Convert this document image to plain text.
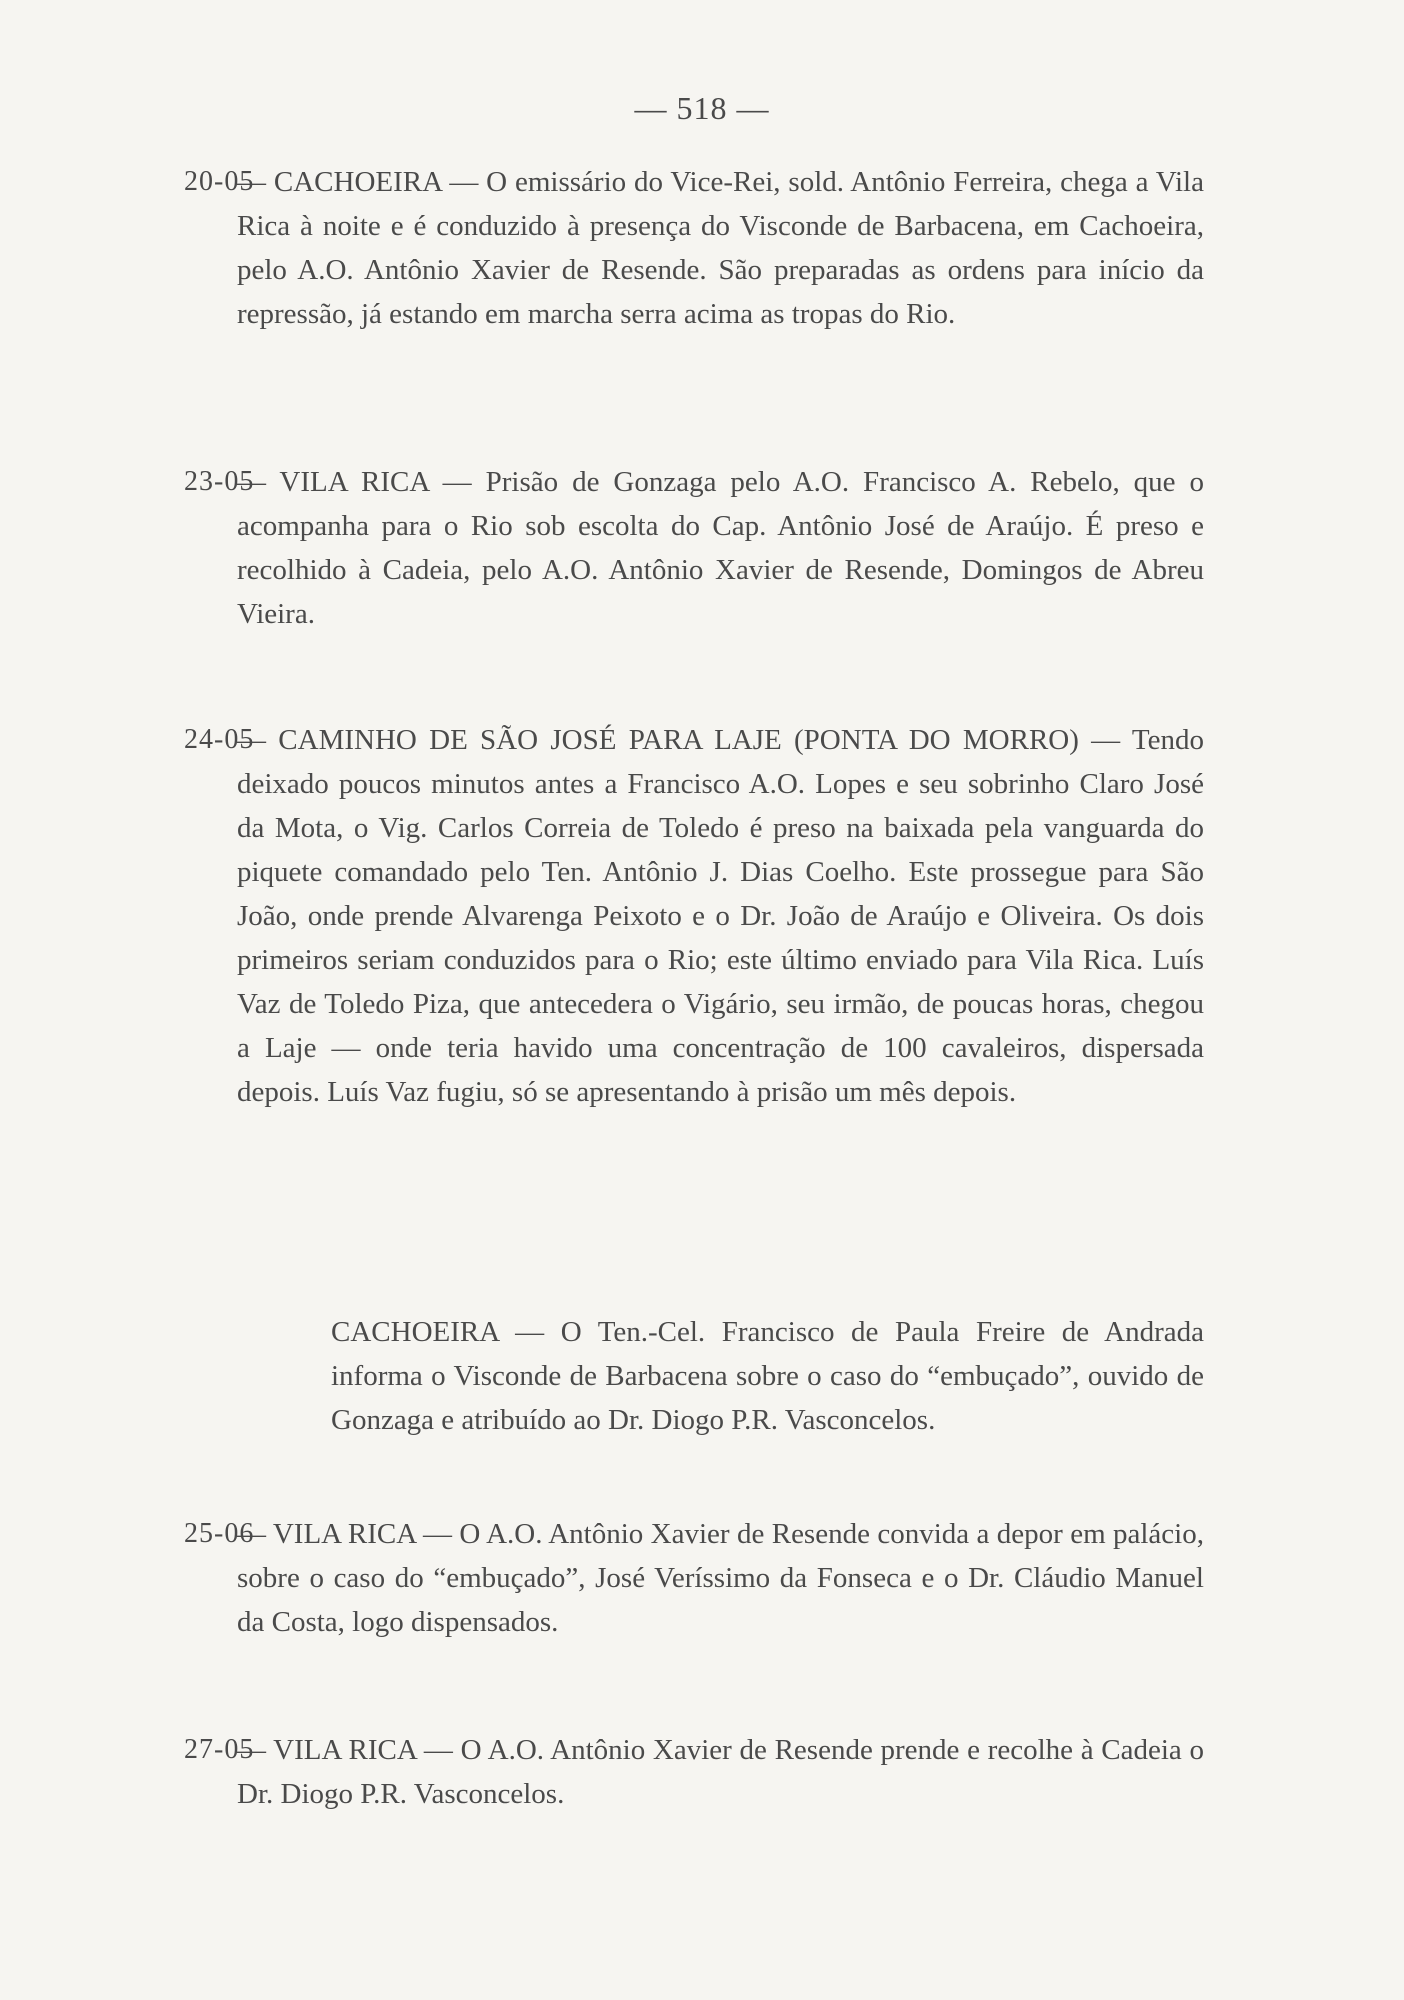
— 518 —
20-05
— CACHOEIRA — O emissário do Vice-Rei, sold. Antônio Ferreira, chega a Vila Rica à noite e é conduzido à presença do Visconde de Barbacena, em Cachoeira, pelo A.O. Antônio Xavier de Resende. São preparadas as ordens para início da repressão, já estando em marcha serra acima as tropas do Rio.
23-05
— VILA RICA — Prisão de Gonzaga pelo A.O. Francisco A. Rebelo, que o acompanha para o Rio sob escolta do Cap. Antônio José de Araújo. É preso e recolhido à Cadeia, pelo A.O. Antônio Xavier de Resende, Domingos de Abreu Vieira.
24-05
— CAMINHO DE SÃO JOSÉ PARA LAJE (PONTA DO MORRO) — Tendo deixado poucos minutos antes a Francisco A.O. Lopes e seu sobrinho Claro José da Mota, o Vig. Carlos Correia de Toledo é preso na baixada pela vanguarda do piquete comandado pelo Ten. Antônio J. Dias Coelho. Este prossegue para São João, onde prende Alvarenga Peixoto e o Dr. João de Araújo e Oliveira. Os dois primeiros seriam conduzidos para o Rio; este último enviado para Vila Rica. Luís Vaz de Toledo Piza, que antecedera o Vigário, seu irmão, de poucas horas, chegou a Laje — onde teria havido uma concentração de 100 cavaleiros, dispersada depois. Luís Vaz fugiu, só se apresentando à prisão um mês depois.
CACHOEIRA — O Ten.-Cel. Francisco de Paula Freire de Andrada informa o Visconde de Barbacena sobre o caso do “embuçado”, ouvido de Gonzaga e atribuído ao Dr. Diogo P.R. Vasconcelos.
25-06
— VILA RICA — O A.O. Antônio Xavier de Resende convida a depor em palácio, sobre o caso do “embuçado”, José Veríssimo da Fonseca e o Dr. Cláudio Manuel da Costa, logo dispensados.
27-05
— VILA RICA — O A.O. Antônio Xavier de Resende prende e recolhe à Cadeia o Dr. Diogo P.R. Vasconcelos.
